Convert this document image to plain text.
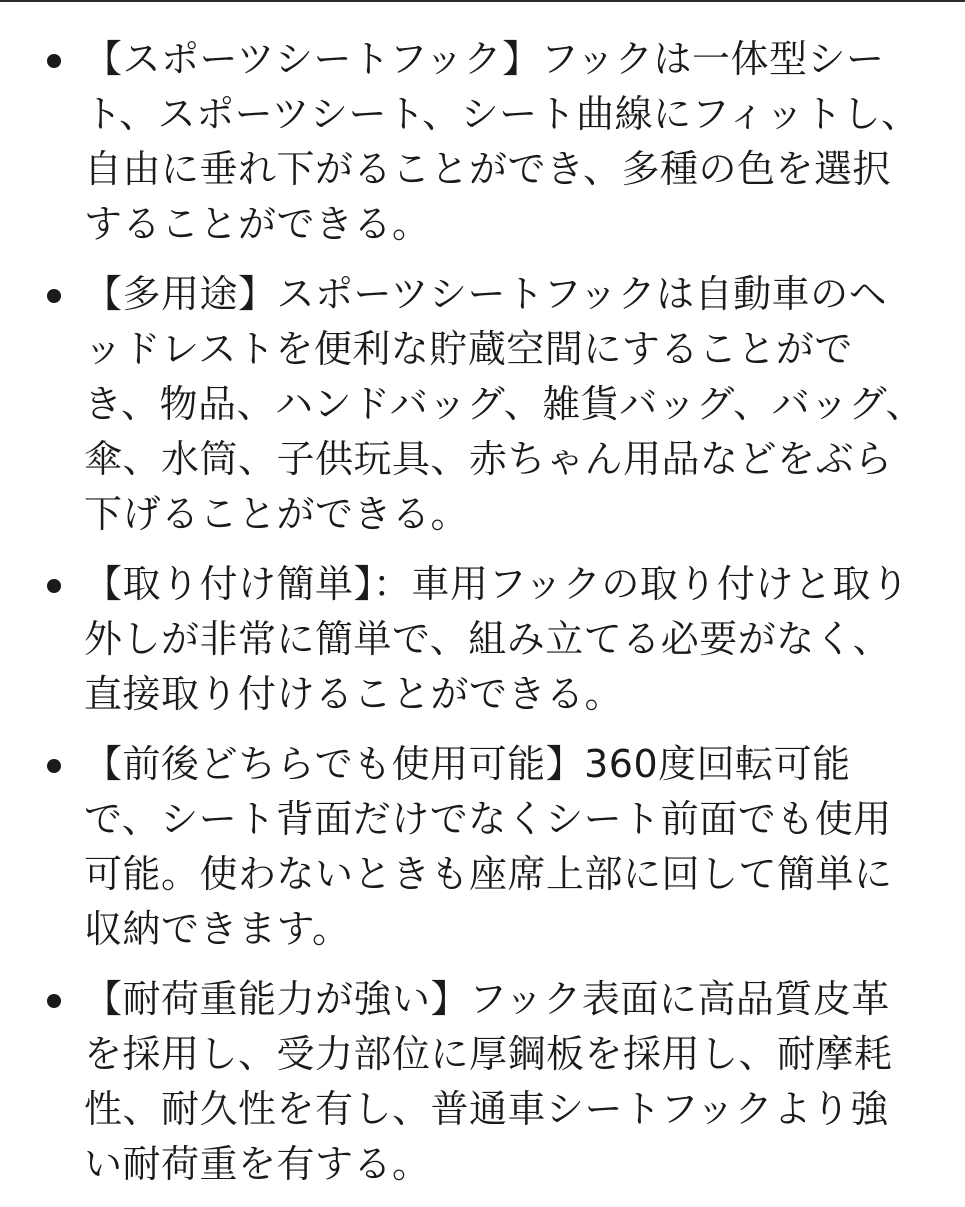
【スポーツシートフック】フックは一体型シート、スポーツシート、シート曲線にフィットし、自由に垂れ下がることができ、多種の色を選択することができる。
【多用途】スポーツシートフックは自動車のヘッドレストを便利な貯蔵空間にすることができ、物品、ハンドバッグ、雑貨バッグ、バッグ、傘、水筒、子供玩具、赤ちゃん用品などをぶら下げることができる。
【取り付け簡単】：車用フックの取り付けと取り外しが非常に簡単で、組み立てる必要がなく、直接取り付けることができる。
【前後どちらでも使用可能】360度回転可能で、シート背面だけでなくシート前面でも使用可能。使わないときも座席上部に回して簡単に収納できます。
【耐荷重能力が強い】フック表面に高品質皮革を採用し、受力部位に厚鋼板を採用し、耐摩耗性、耐久性を有し、普通車シートフックより強い耐荷重を有する。
